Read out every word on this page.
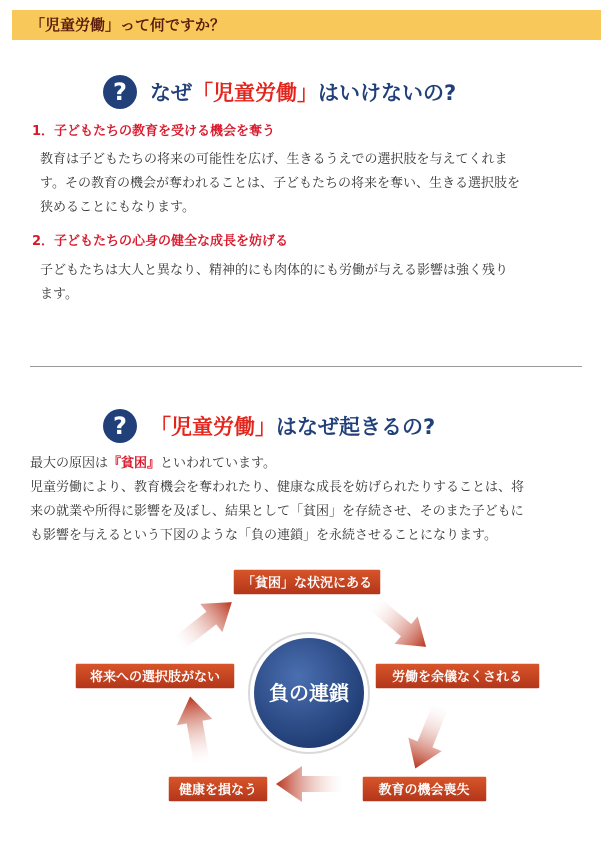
「児童労働」って何ですか？
? なぜ「児童労働」はいけないの?
1．子どもたちの教育を受ける機会を奪う
教育は子どもたちの将来の可能性を広げ、生きるうえでの選択肢を与えてくれま
す。その教育の機会が奪われることは、子どもたちの将来を奪い、生きる選択肢を
狭めることにもなります。
2．子どもたちの心身の健全な成長を妨げる
子どもたちは大人と異なり、精神的にも肉体的にも労働が与える影響は強く残り
ます。
? 「児童労働」はなぜ起きるの?
最大の原因は『貧困』といわれています。
児童労働により、教育機会を奪われたり、健康な成長を妨げられたりすることは、将
来の就業や所得に影響を及ぼし、結果として「貧困」を存続させ、そのまた子どもに
も影響を与えるという下図のような「負の連鎖」を永続させることになります。
負の連鎖
「貧困」な状況にある
労働を余儀なくされる
教育の機会喪失
健康を損なう
将来への選択肢がない
